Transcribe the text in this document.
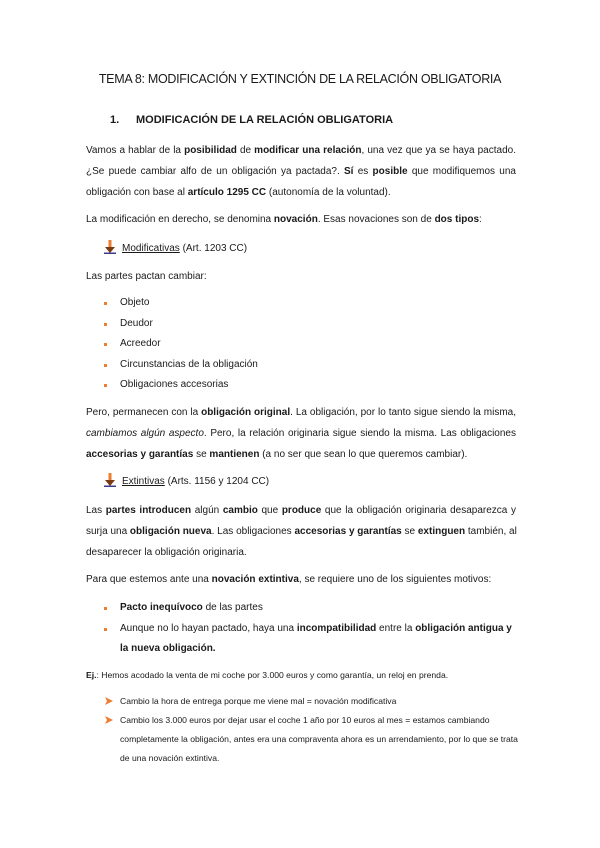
TEMA 8: MODIFICACIÓN Y EXTINCIÓN DE LA RELACIÓN OBLIGATORIA
1. MODIFICACIÓN DE LA RELACIÓN OBLIGATORIA
Vamos a hablar de la posibilidad de modificar una relación, una vez que ya se haya pactado.
¿Se puede cambiar alfo de un obligación ya pactada?. Sí es posible que modifiquemos una
obligación con base al artículo 1295 CC (autonomía de la voluntad).
La modificación en derecho, se denomina novación. Esas novaciones son de dos tipos:
Modificativas (Art. 1203 CC)
Las partes pactan cambiar:
Objeto
Deudor
Acreedor
Circunstancias de la obligación
Obligaciones accesorias
Pero, permanecen con la obligación original. La obligación, por lo tanto sigue siendo la misma,
cambiamos algún aspecto. Pero, la relación originaria sigue siendo la misma. Las obligaciones
accesorias y garantías se mantienen (a no ser que sean lo que queremos cambiar).
Extintivas (Arts. 1156 y 1204 CC)
Las partes introducen algún cambio que produce que la obligación originaria desaparezca y
surja una obligación nueva. Las obligaciones accesorias y garantías se extinguen también, al
desaparecer la obligación originaria.
Para que estemos ante una novación extintiva, se requiere uno de los siguientes motivos:
Pacto inequívoco de las partes
Aunque no lo hayan pactado, haya una incompatibilidad entre la obligación antigua y
la nueva obligación.
Ej.: Hemos acodado la venta de mi coche por 3.000 euros y como garantía, un reloj en prenda.
Cambio la hora de entrega porque me viene mal = novación modificativa
Cambio los 3.000 euros por dejar usar el coche 1 año por 10 euros al mes = estamos cambiando completamente la obligación, antes era una compraventa ahora es un arrendamiento, por lo que se trata de una novación extintiva.
